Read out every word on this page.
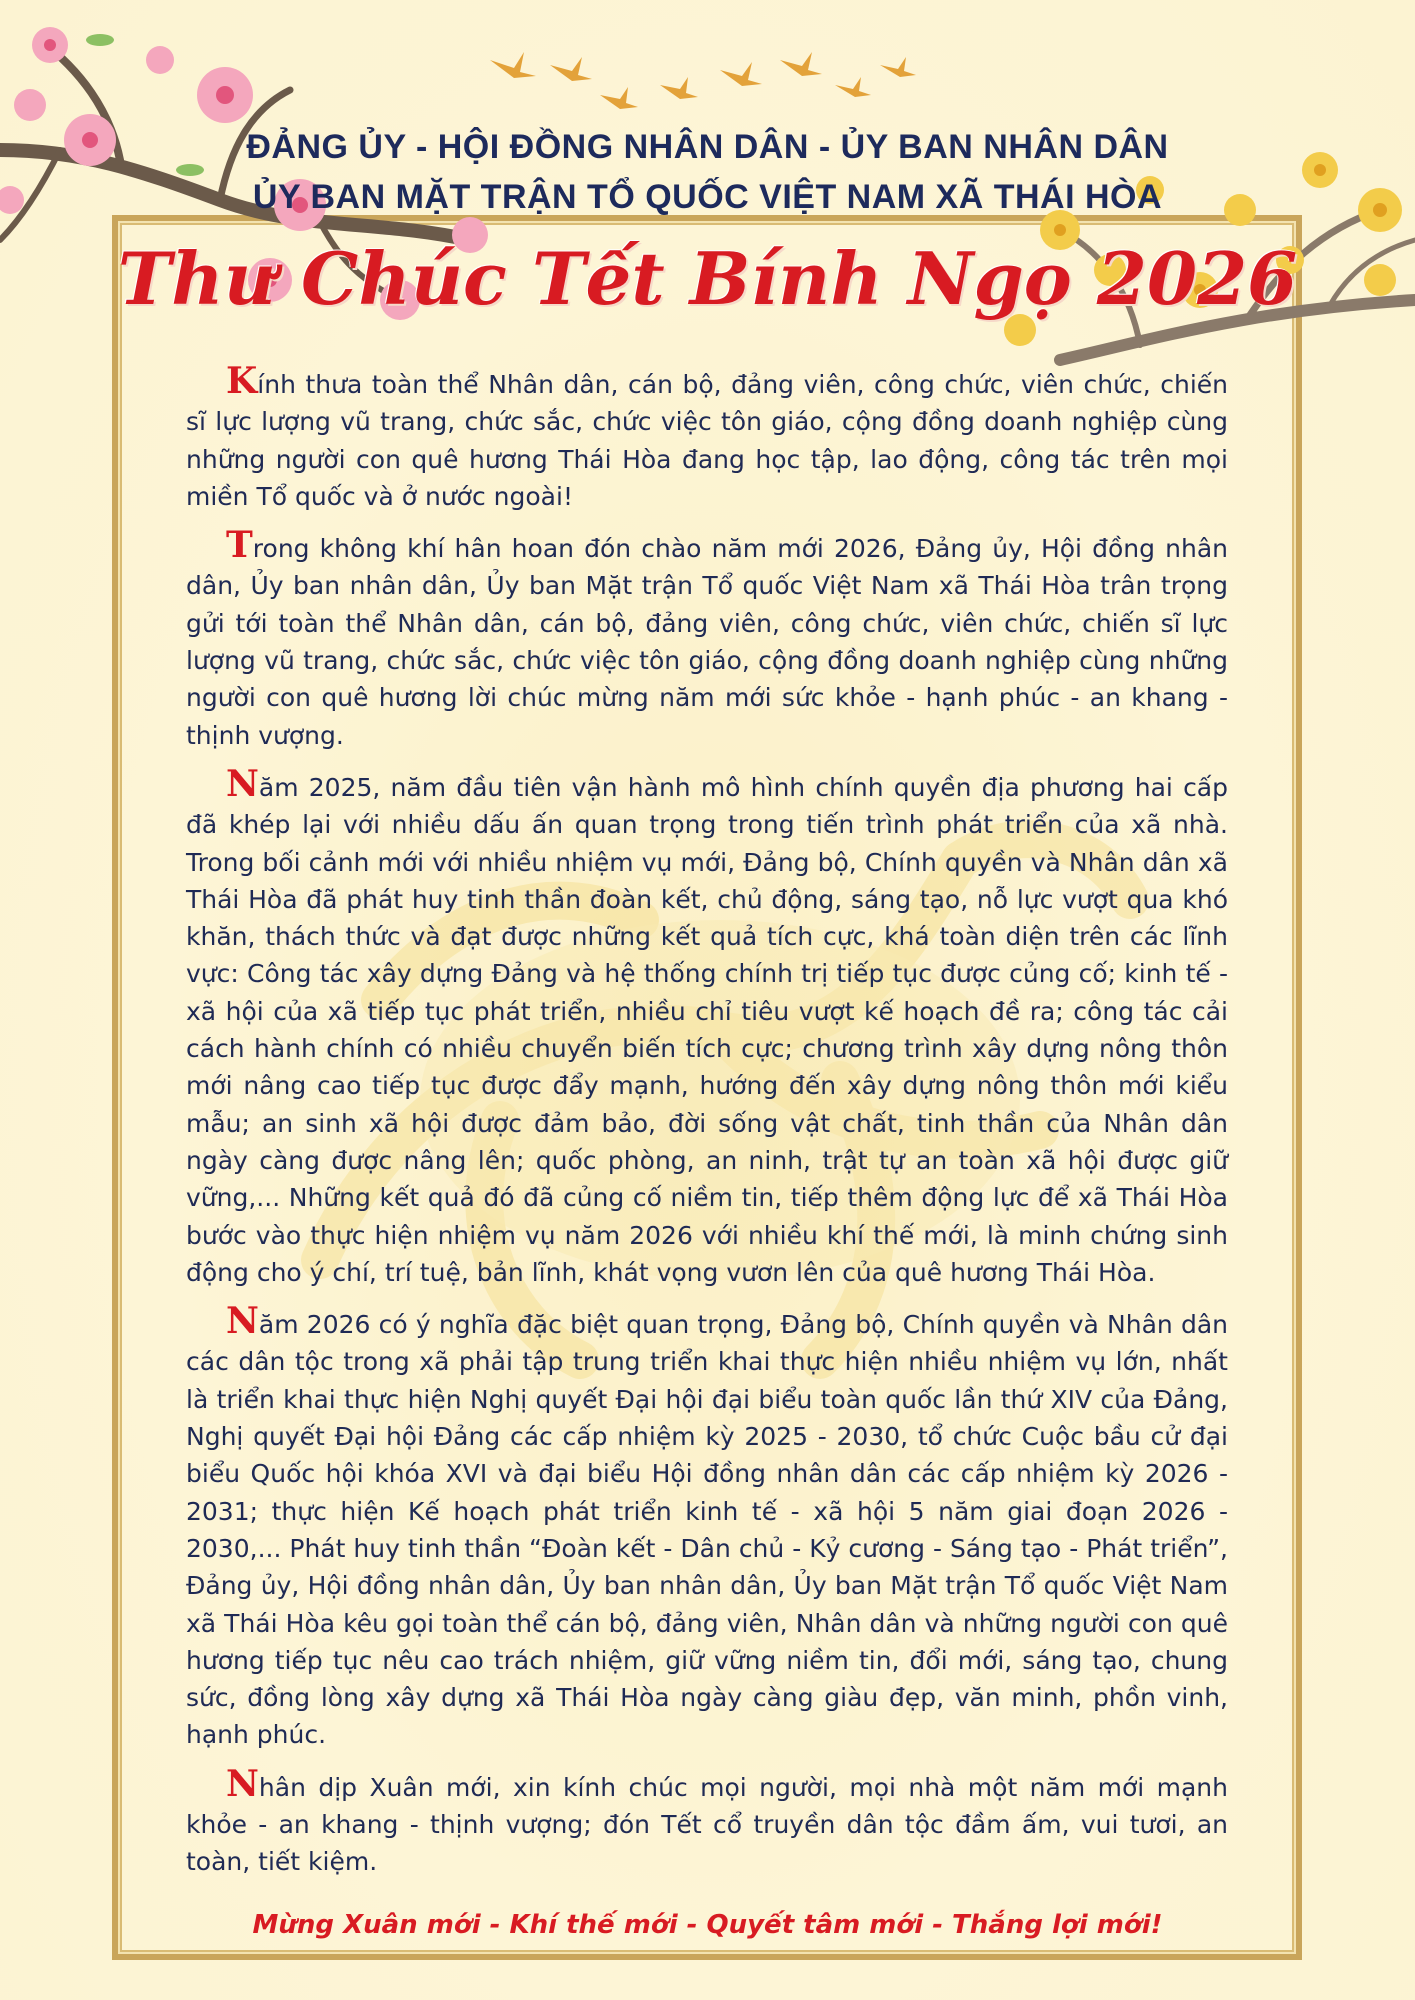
ĐẢNG ỦY - HỘI ĐỒNG NHÂN DÂN - ỦY BAN NHÂN DÂN
ỦY BAN MẶT TRẬN TỔ QUỐC VIỆT NAM XÃ THÁI HÒA
Thư Chúc Tết Bính Ngọ 2026

Kính thưa toàn thể Nhân dân, cán bộ, đảng viên, công chức, viên chức, chiến sĩ lực lượng vũ trang, chức sắc, chức việc tôn giáo, cộng đồng doanh nghiệp cùng những người con quê hương Thái Hòa đang học tập, lao động, công tác trên mọi miền Tổ quốc và ở nước ngoài!

Trong không khí hân hoan đón chào năm mới 2026, Đảng ủy, Hội đồng nhân dân, Ủy ban nhân dân, Ủy ban Mặt trận Tổ quốc Việt Nam xã Thái Hòa trân trọng gửi tới toàn thể Nhân dân, cán bộ, đảng viên, công chức, viên chức, chiến sĩ lực lượng vũ trang, chức sắc, chức việc tôn giáo, cộng đồng doanh nghiệp cùng những người con quê hương lời chúc mừng năm mới sức khỏe - hạnh phúc - an khang - thịnh vượng.

Năm 2025, năm đầu tiên vận hành mô hình chính quyền địa phương hai cấp đã khép lại với nhiều dấu ấn quan trọng trong tiến trình phát triển của xã nhà. Trong bối cảnh mới với nhiều nhiệm vụ mới, Đảng bộ, Chính quyền và Nhân dân xã Thái Hòa đã phát huy tinh thần đoàn kết, chủ động, sáng tạo, nỗ lực vượt qua khó khăn, thách thức và đạt được những kết quả tích cực, khá toàn diện trên các lĩnh vực: Công tác xây dựng Đảng và hệ thống chính trị tiếp tục được củng cố; kinh tế - xã hội của xã tiếp tục phát triển, nhiều chỉ tiêu vượt kế hoạch đề ra; công tác cải cách hành chính có nhiều chuyển biến tích cực; chương trình xây dựng nông thôn mới nâng cao tiếp tục được đẩy mạnh, hướng đến xây dựng nông thôn mới kiểu mẫu; an sinh xã hội được đảm bảo, đời sống vật chất, tinh thần của Nhân dân ngày càng được nâng lên; quốc phòng, an ninh, trật tự an toàn xã hội được giữ vững,... Những kết quả đó đã củng cố niềm tin, tiếp thêm động lực để xã Thái Hòa bước vào thực hiện nhiệm vụ năm 2026 với nhiều khí thế mới, là minh chứng sinh động cho ý chí, trí tuệ, bản lĩnh, khát vọng vươn lên của quê hương Thái Hòa.

Năm 2026 có ý nghĩa đặc biệt quan trọng, Đảng bộ, Chính quyền và Nhân dân các dân tộc trong xã phải tập trung triển khai thực hiện nhiều nhiệm vụ lớn, nhất là triển khai thực hiện Nghị quyết Đại hội đại biểu toàn quốc lần thứ XIV của Đảng, Nghị quyết Đại hội Đảng các cấp nhiệm kỳ 2025 - 2030, tổ chức Cuộc bầu cử đại biểu Quốc hội khóa XVI và đại biểu Hội đồng nhân dân các cấp nhiệm kỳ 2026 - 2031; thực hiện Kế hoạch phát triển kinh tế - xã hội 5 năm giai đoạn 2026 - 2030,... Phát huy tinh thần “Đoàn kết - Dân chủ - Kỷ cương - Sáng tạo - Phát triển”, Đảng ủy, Hội đồng nhân dân, Ủy ban nhân dân, Ủy ban Mặt trận Tổ quốc Việt Nam xã Thái Hòa kêu gọi toàn thể cán bộ, đảng viên, Nhân dân và những người con quê hương tiếp tục nêu cao trách nhiệm, giữ vững niềm tin, đổi mới, sáng tạo, chung sức, đồng lòng xây dựng xã Thái Hòa ngày càng giàu đẹp, văn minh, phồn vinh, hạnh phúc.

Nhân dịp Xuân mới, xin kính chúc mọi người, mọi nhà một năm mới mạnh khỏe - an khang - thịnh vượng; đón Tết cổ truyền dân tộc đầm ấm, vui tươi, an toàn, tiết kiệm.

Mừng Xuân mới - Khí thế mới - Quyết tâm mới - Thắng lợi mới!
